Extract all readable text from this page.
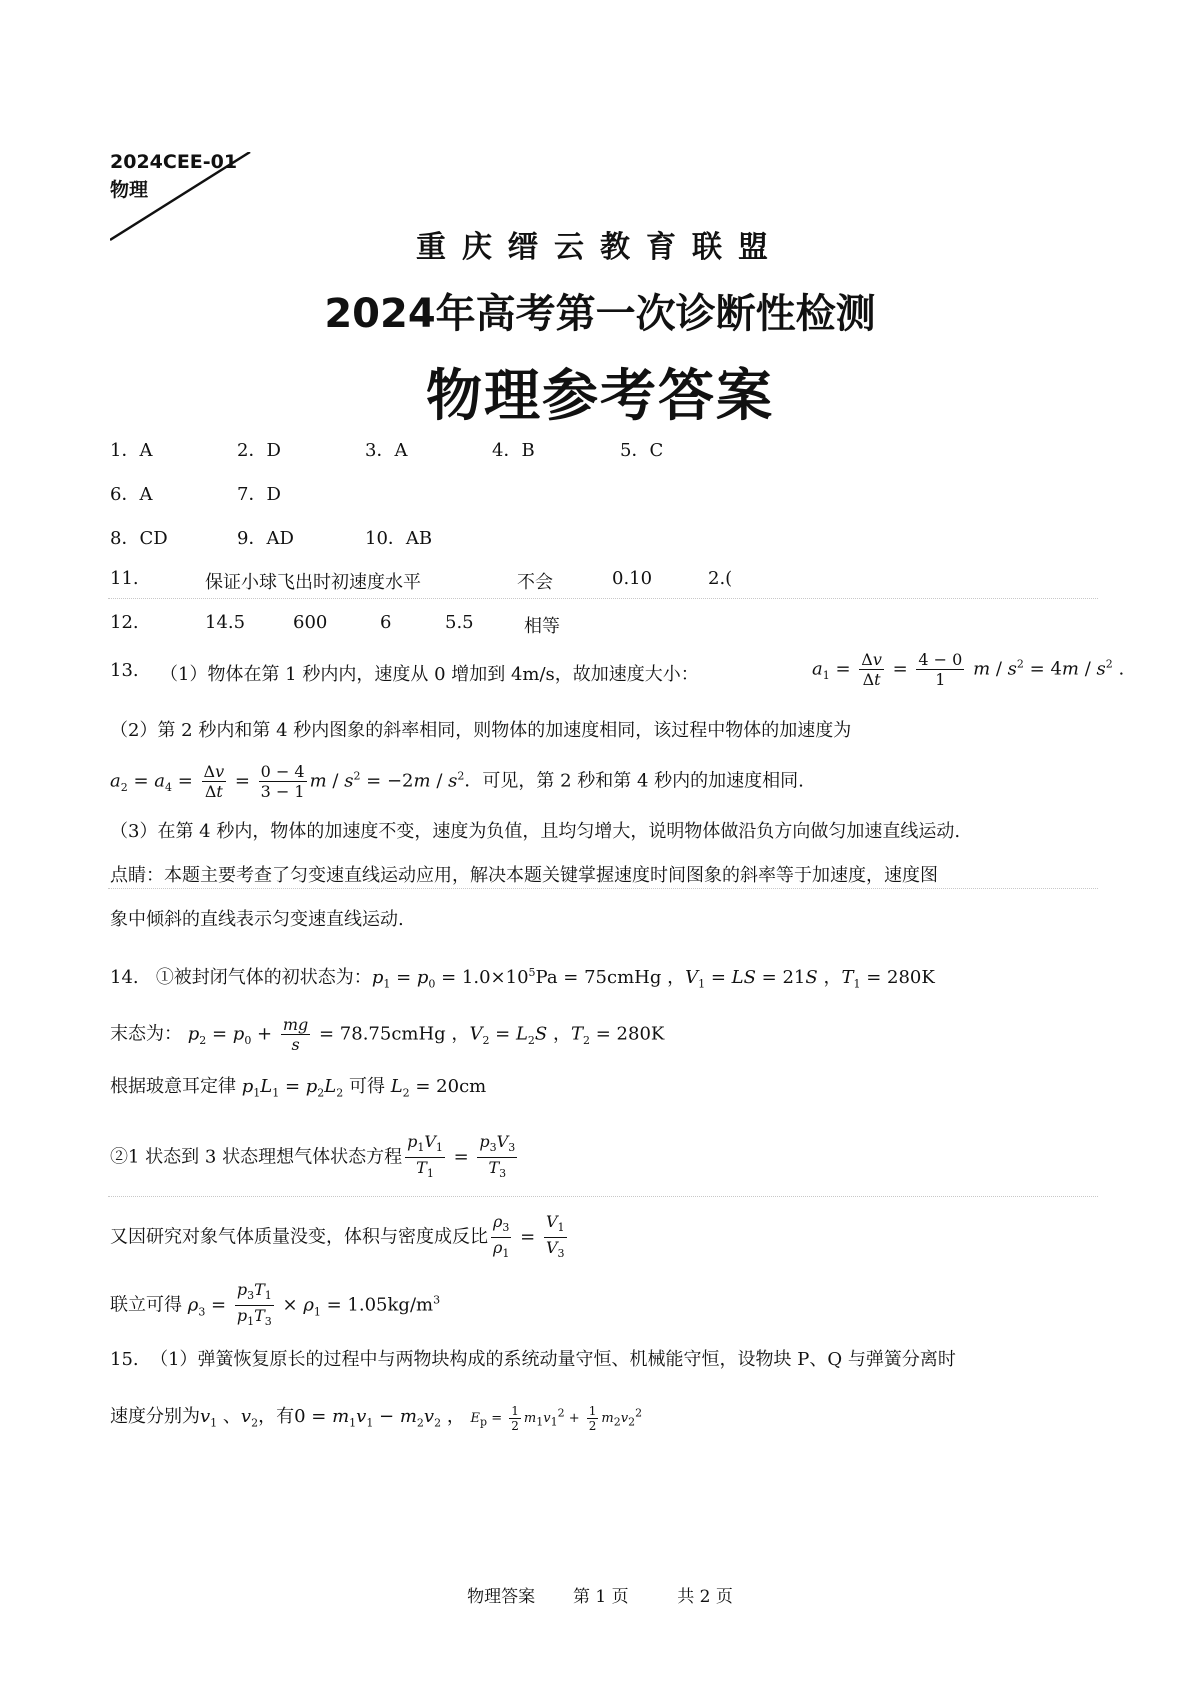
2024CEE-01
物理
重庆缙云教育联盟
2024年高考第一次诊断性检测
物理参考答案
1．A	2．D	3．A	4．B	5．C
6．A	7．D
8．CD	9．AD	10．AB
11.	保证小球飞出时初速度水平	不会	0.10	2.(
12.	14.5	600	6	5.5	相等
13. （1）物体在第 1 秒内内，速度从 0 增加到 4m/s，故加速度大小：	$a_1 = \frac{\Delta v}{\Delta t} = \frac{4 - 0}{1}$ $m / s^2 = 4m / s^2$ .
（2）第 2 秒内和第 4 秒内图象的斜率相同，则物体的加速度相同，该过程中物体的加速度为
$a_2 = a_4 = \frac{\Delta v}{\Delta t} = \frac{0 - 4}{3 - 1}$ $m / s^2 = -2m / s^2$．可见，第 2 秒和第 4 秒内的加速度相同.
（3）在第 4 秒内，物体的加速度不变，速度为负值，且均匀增大，说明物体做沿负方向做匀加速直线运动.
点睛：本题主要考查了匀变速直线运动应用，解决本题关键掌握速度时间图象的斜率等于加速度，速度图
象中倾斜的直线表示匀变速直线运动.
14. ①被封闭气体的初状态为：$p_1 = p_0 = 1.0\times 10^5Pa$ = 75cmHg ，$V_1$ = LS = 21S ，$T_1 = 280K$
末态为： $p_2 = p_0 + \frac{mg}{s}$ = 78.75cmHg ，$V_2 = L_2S$ ，$T_2 = 280K$
根据玻意耳定律 $p_1L_1 = p_2L_2$ 可得 $L_2 = 20cm$
②1 状态到 3 状态理想气体状态方程 $\frac{p_1V_1}{T_1} = \frac{p_3V_3}{T_3}$
又因研究对象气体质量没变，体积与密度成反比 $\frac{\rho_3}{\rho_1} = \frac{V_1}{V_3}$
联立可得 $\rho_3 = \frac{p_3T_1}{p_1T_3} \times \rho_1 = 1.05kg/m^3$
15. （1）弹簧恢复原长的过程中与两物块构成的系统动量守恒、机械能守恒，设物块 P、Q 与弹簧分离时
速度分别为$v_1$ 、$v_2$，有$0 = m_1v_1 - m_2v_2$ ， $E_p = \frac{1}{2} m_1v_1^2 + \frac{1}{2} m_2v_2^2$
物理答案 第 1 页	共 2 页
